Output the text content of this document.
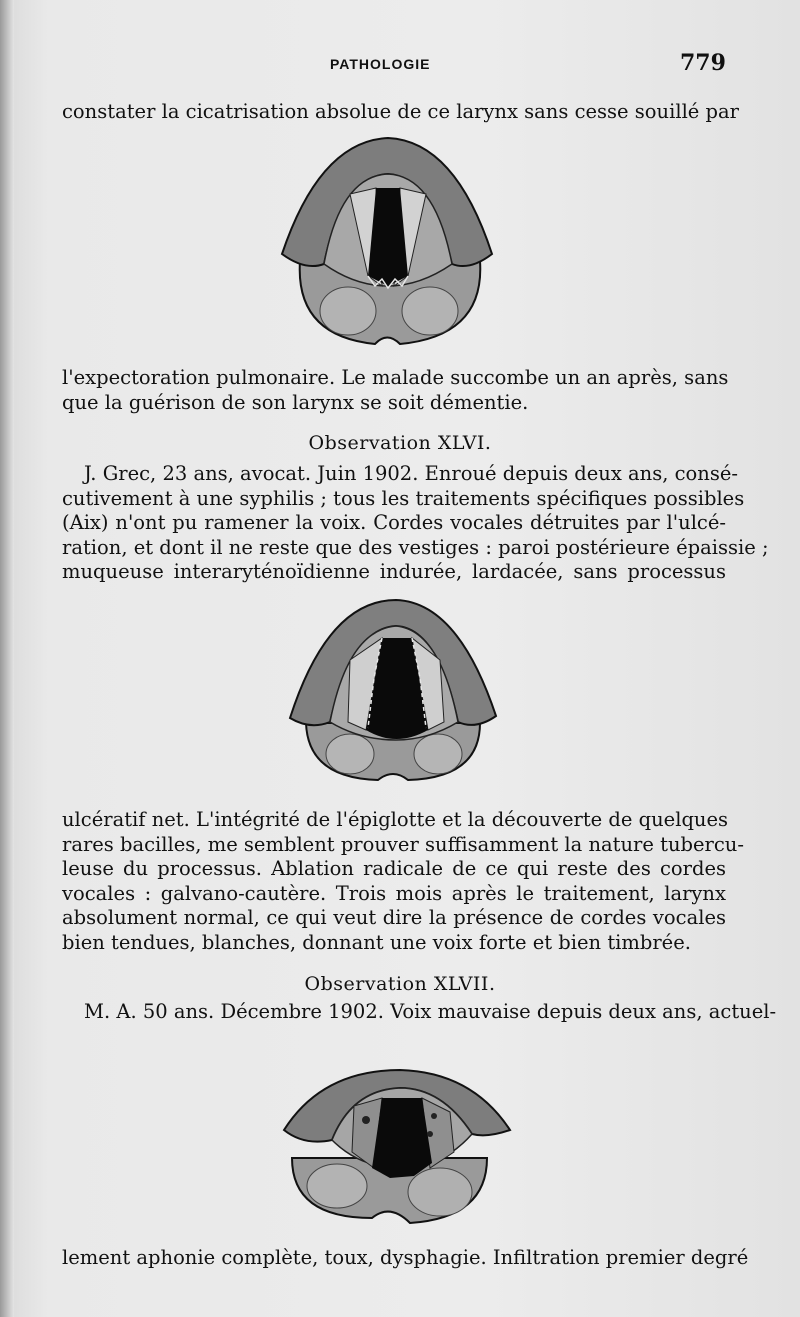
PATHOLOGIE	779
constater la cicatrisation absolue de ce larynx sans cesse souillé par
l'expectoration pulmonaire. Le malade succombe un an après, sans
que la guérison de son larynx se soit démentie.
Observation XLVI.
J. Grec, 23 ans, avocat. Juin 1902. Enroué depuis deux ans, consé-
cutivement à une syphilis ; tous les traitements spécifiques possibles
(Aix) n'ont pu ramener la voix. Cordes vocales détruites par l'ulcé-
ration, et dont il ne reste que des vestiges : paroi postérieure épaissie ;
muqueuse interaryténoïdienne indurée, lardacée, sans processus
ulcératif net. L'intégrité de l'épiglotte et la découverte de quelques
rares bacilles, me semblent prouver suffisamment la nature tubercu-
leuse du processus. Ablation radicale de ce qui reste des cordes
vocales : galvano-cautère. Trois mois après le traitement, larynx
absolument normal, ce qui veut dire la présence de cordes vocales
bien tendues, blanches, donnant une voix forte et bien timbrée.
Observation XLVII.
M. A. 50 ans. Décembre 1902. Voix mauvaise depuis deux ans, actuel-
lement aphonie complète, toux, dysphagie. Infiltration premier degré
